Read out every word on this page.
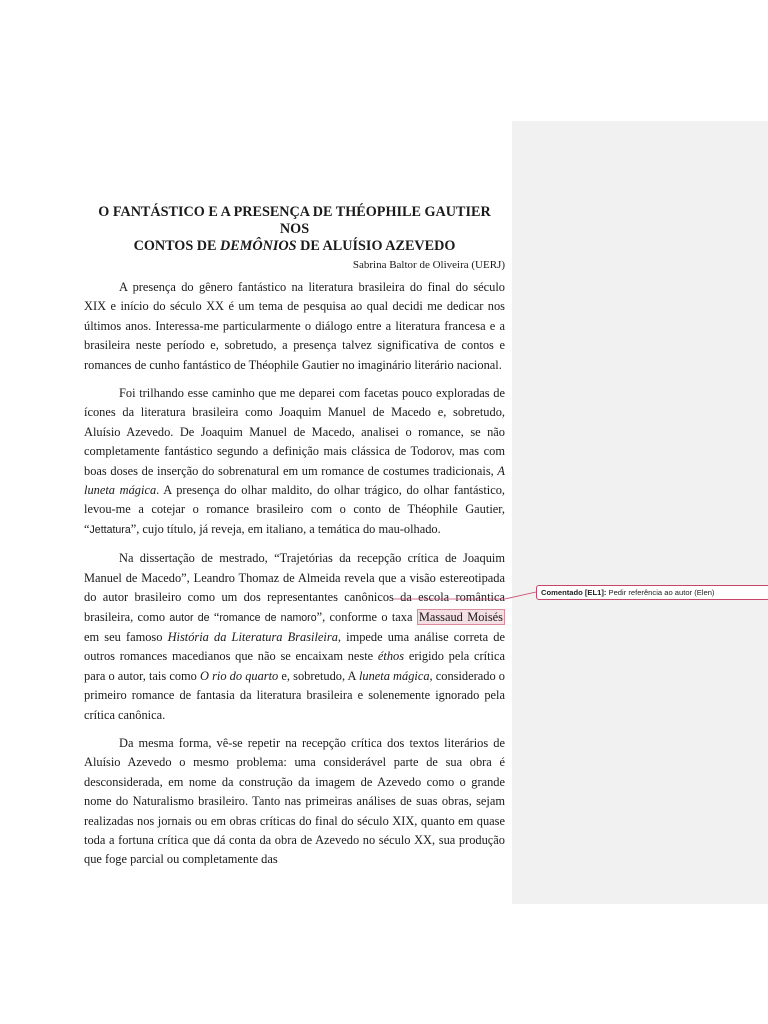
O FANTÁSTICO E A PRESENÇA DE THÉOPHILE GAUTIER NOS
CONTOS DE DEMÔNIOS DE ALUÍSIO AZEVEDO
Sabrina Baltor de Oliveira (UERJ)

A presença do gênero fantástico na literatura brasileira do final do século XIX e início do século XX é um tema de pesquisa ao qual decidi me dedicar nos últimos anos. Interessa-me particularmente o diálogo entre a literatura francesa e a brasileira neste período e, sobretudo, a presença talvez significativa de contos e romances de cunho fantástico de Théophile Gautier no imaginário literário nacional.

Foi trilhando esse caminho que me deparei com facetas pouco exploradas de ícones da literatura brasileira como Joaquim Manuel de Macedo e, sobretudo, Aluísio Azevedo. De Joaquim Manuel de Macedo, analisei o romance, se não completamente fantástico segundo a definição mais clássica de Todorov, mas com boas doses de inserção do sobrenatural em um romance de costumes tradicionais, A luneta mágica. A presença do olhar maldito, do olhar trágico, do olhar fantástico, levou-me a cotejar o romance brasileiro com o conto de Théophile Gautier, “Jettatura”, cujo título, já reveja, em italiano, a temática do mau-olhado.

Na dissertação de mestrado, “Trajetórias da recepção crítica de Joaquim Manuel de Macedo”, Leandro Thomaz de Almeida revela que a visão estereotipada do autor brasileiro como um dos representantes canônicos da escola romântica brasileira, como autor de “romance de namoro”, conforme o taxa Massaud Moisés em seu famoso História da Literatura Brasileira, impede uma análise correta de outros romances macedianos que não se encaixam neste éthos erigido pela crítica para o autor, tais como O rio do quarto e, sobretudo, A luneta mágica, considerado o primeiro romance de fantasia da literatura brasileira e solenemente ignorado pela crítica canônica.

Da mesma forma, vê-se repetir na recepção crítica dos textos literários de Aluísio Azevedo o mesmo problema: uma considerável parte de sua obra é desconsiderada, em nome da construção da imagem de Azevedo como o grande nome do Naturalismo brasileiro. Tanto nas primeiras análises de suas obras, sejam realizadas nos jornais ou em obras críticas do final do século XIX, quanto em quase toda a fortuna crítica que dá conta da obra de Azevedo no século XX, sua produção que foge parcial ou completamente das

Comentado [EL1]: Pedir referência ao autor (Elen)
